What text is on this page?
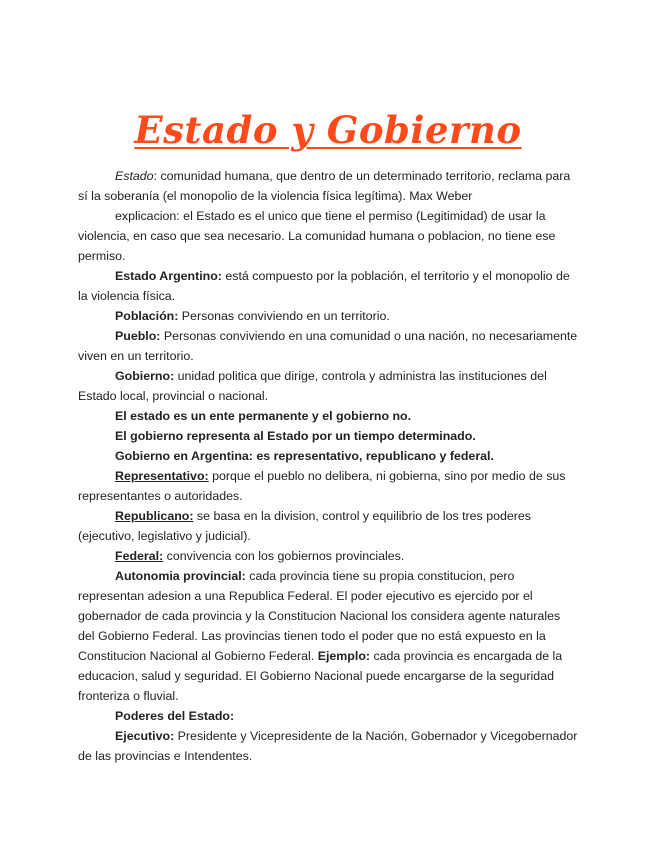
Estado y Gobierno

Estado: comunidad humana, que dentro de un determinado territorio, reclama para sí la soberanía (el monopolio de la violencia física legítima). Max Weber

explicacion: el Estado es el unico que tiene el permiso (Legitimidad) de usar la violencia, en caso que sea necesario. La comunidad humana o poblacion, no tiene ese permiso.

Estado Argentino: está compuesto por la población, el territorio y el monopolio de la violencia física.

Población: Personas conviviendo en un territorio.

Pueblo: Personas conviviendo en una comunidad o una nación, no necesariamente viven en un territorio.

Gobierno: unidad politica que dirige, controla y administra las instituciones del Estado local, provincial o nacional.

El estado es un ente permanente y el gobierno no.

El gobierno representa al Estado por un tiempo determinado.

Gobierno en Argentina: es representativo, republicano y federal.

Representativo: porque el pueblo no delibera, ni gobierna, sino por medio de sus representantes o autoridades.

Republicano: se basa en la division, control y equilibrio de los tres poderes (ejecutivo, legislativo y judicial).

Federal: convivencia con los gobiernos provinciales.

Autonomia provincial: cada provincia tiene su propia constitucion, pero representan adesion a una Republica Federal. El poder ejecutivo es ejercido por el gobernador de cada provincia y la Constitucion Nacional los considera agente naturales del Gobierno Federal. Las provincias tienen todo el poder que no está expuesto en la Constitucion Nacional al Gobierno Federal. Ejemplo: cada provincia es encargada de la educacion, salud y seguridad. El Gobierno Nacional puede encargarse de la seguridad fronteriza o fluvial.

Poderes del Estado:

Ejecutivo: Presidente y Vicepresidente de la Nación, Gobernador y Vicegobernador de las provincias e Intendentes.
